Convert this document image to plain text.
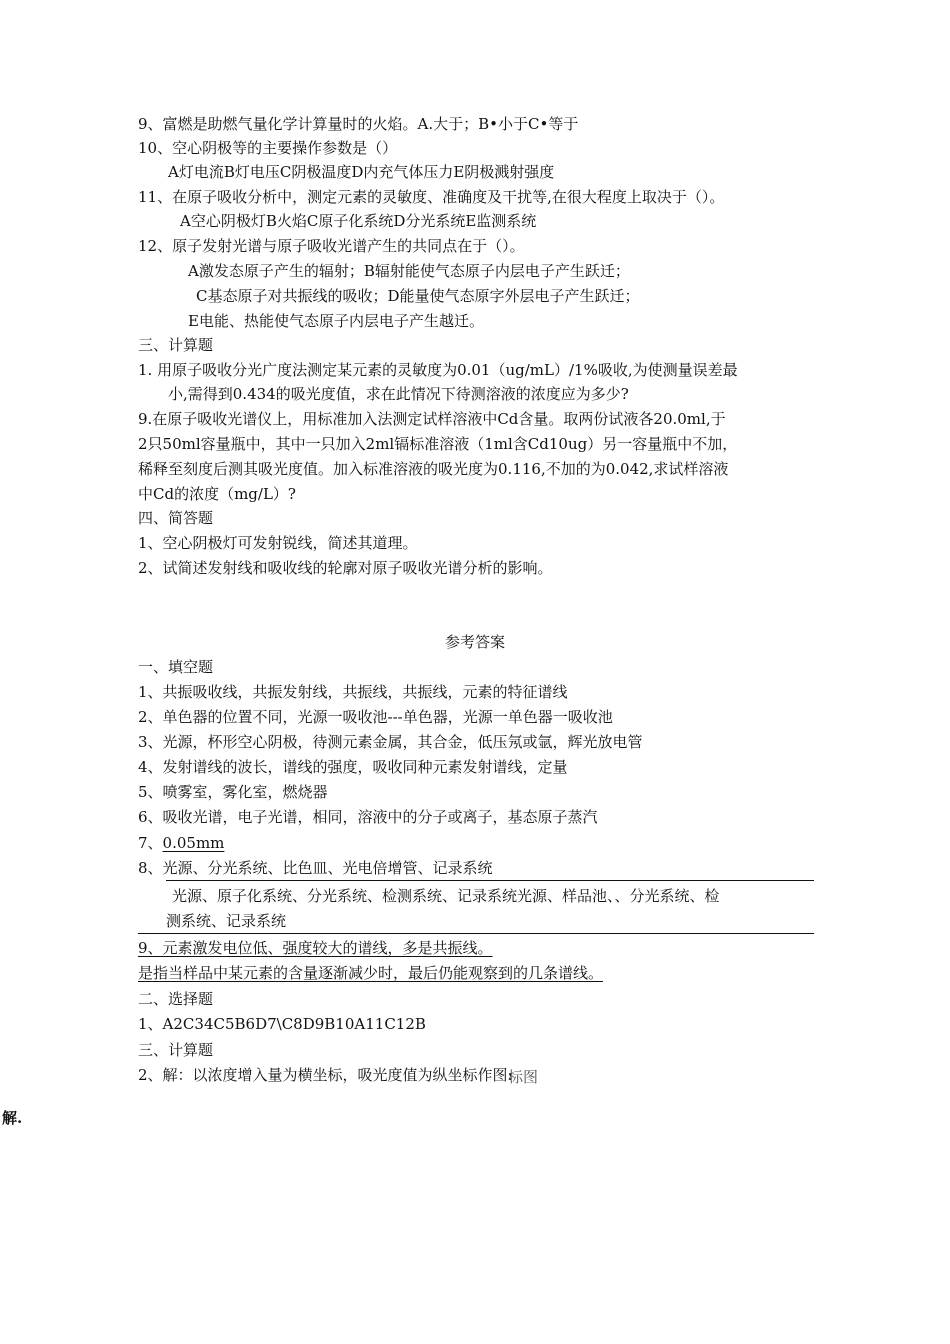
9、富燃是助燃气量化学计算量时的火焰。A.大于；B•小于C•等于
10、空心阴极等的主要操作参数是（）
A灯电流B灯电压C阴极温度D内充气体压力E阴极溅射强度
11、在原子吸收分析中，测定元素的灵敏度、准确度及干扰等,在很大程度上取决于（）。
A空心阴极灯B火焰C原子化系统D分光系统E监测系统
12、原子发射光谱与原子吸收光谱产生的共同点在于（）。
A激发态原子产生的辐射；B辐射能使气态原子内层电子产生跃迁；
C基态原子对共振线的吸收；D能量使气态原字外层电子产生跃迁；
E电能、热能使气态原子内层电子产生越迁。
三、计算题
1. 用原子吸收分光广度法测定某元素的灵敏度为0.01（ug/mL）/1%吸收,为使测量误差最
小,需得到0.434的吸光度值，求在此情况下待测溶液的浓度应为多少?
9.在原子吸收光谱仪上，用标准加入法测定试样溶液中Cd含量。取两份试液各20.0ml,于
2只50ml容量瓶中，其中一只加入2ml镉标准溶液（1ml含Cd10ug）另一容量瓶中不加，
稀释至刻度后测其吸光度值。加入标准溶液的吸光度为0.116,不加的为0.042,求试样溶液
中Cd的浓度（mg/L）?
四、简答题
1、空心阴极灯可发射锐线，简述其道理。
2、试简述发射线和吸收线的轮廓对原子吸收光谱分析的影响。
参考答案
一、填空题
1、共振吸收线，共振发射线，共振线，共振线，元素的特征谱线
2、单色器的位置不同，光源一吸收池---单色器，光源一单色器一吸收池
3、光源，杯形空心阴极，待测元素金属，其合金，低压氖或氩，辉光放电管
4、发射谱线的波长，谱线的强度，吸收同种元素发射谱线，定量
5、喷雾室，雾化室，燃烧器
6、吸收光谱，电子光谱，相同，溶液中的分子或离子，基态原子蒸汽
7、0.05mm
8、光源、分光系统、比色皿、光电倍增管、记录系统
光源、原子化系统、分光系统、检测系统、记录系统光源、样品池、、分光系统、检
测系统、记录系统
9、元素激发电位低、强度较大的谱线，多是共振线。
是指当样品中某元素的含量逐渐减少时，最后仍能观察到的几条谱线。
二、选择题
1、A2C34C5B6D7\C8D9B10A11C12B
三、计算题
2、解：以浓度增入量为横坐标，吸光度值为纵坐标作图:
标图
解.
